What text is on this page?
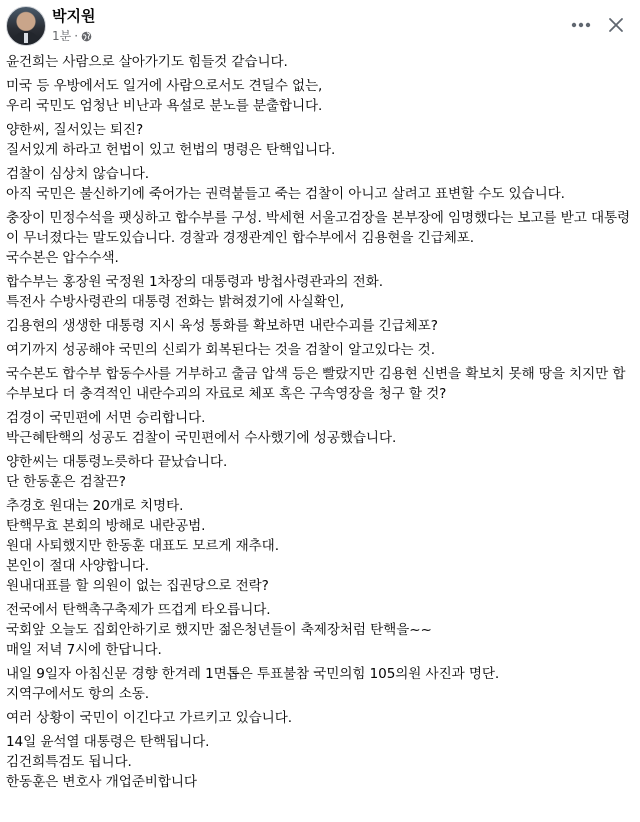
박지원
1분 ·
윤건희는 사람으로 살아가기도 힘들것 같습니다.
미국 등 우방에서도 일거에 사람으로서도 견딜수 없는,
우리 국민도 엄청난 비난과 욕설로 분노를 분출합니다.
양한씨, 질서있는 퇴진?
질서있게 하라고 헌법이 있고 헌법의 명령은 탄핵입니다.
검찰이 심상치 않습니다.
아직 국민은 불신하기에 죽어가는 권력붙들고 죽는 검찰이 아니고 살려고 표변할 수도 있습니다.
충장이 민정수석을 팻싱하고 합수부를 구성. 박세현 서울고검장을 본부장에 임명했다는 보고를 받고 대통령이 무너졌다는 말도있습니다. 경찰과 경쟁관계인 합수부에서 김용현을 긴급체포.
국수본은 압수수색.
합수부는 홍장원 국정원 1차장의 대통령과 방첩사령관과의 전화.
특전사 수방사령관의 대통령 전화는 밝혀졌기에 사실확인,
김용현의 생생한 대통령 지시 육성 통화를 확보하면 내란수괴를 긴급체포?
여기까지 성공해야 국민의 신뢰가 회복된다는 것을 검찰이 알고있다는 것.
국수본도 합수부 합동수사를 거부하고 출금 압색 등은 빨랐지만 김용현 신변을 확보치 못해 땅을 치지만 합수부보다 더 충격적인 내란수괴의 자료로 체포 혹은 구속영장을 청구 할 것?
검경이 국민편에 서면 승리합니다.
박근혜탄핵의 성공도 검찰이 국민편에서 수사했기에 성공했습니다.
양한씨는 대통령노릇하다 끝났습니다.
단 한동훈은 검찰끈?
추경호 원대는 20개로 치명타.
탄핵무효 본회의 방해로 내란공범.
원대 사퇴했지만 한동훈 대표도 모르게 재추대.
본인이 절대 사양합니다.
원내대표를 할 의원이 없는 집권당으로 전락?
전국에서 탄핵촉구축제가 뜨겁게 타오릅니다.
국회앞 오늘도 집회안하기로 했지만 젊은청년들이 축제장처럼 탄핵을~~
매일 저녁 7시에 한답니다.
내일 9일자 아침신문 경향 한겨레 1면톱은 투표불참 국민의힘 105의원 사진과 명단.
지역구에서도 항의 소동.
여러 상황이 국민이 이긴다고 가르키고 있습니다.
14일 윤석열 대통령은 탄핵됩니다.
김건희특검도 됩니다.
한동훈은 변호사 개업준비합니다
